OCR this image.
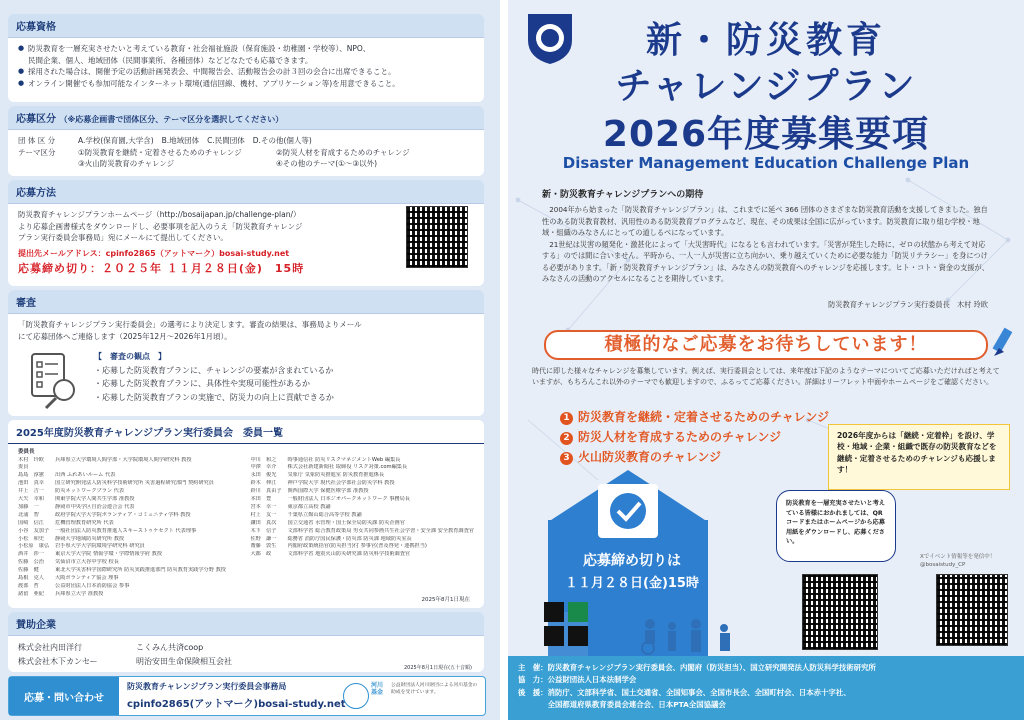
応募資格
● 防災教育を一層充実させたいと考えている教育・社会福祉施設（保育施設・幼稚園・学校等）、NPO、
民間企業、個人、地域団体（民間事業所、各種団体）などどなたでも応募できます。
● 採用された場合は、開催予定の活動計画発表会、中間報告会、活動報告会の計３回の会合に出席できること。
● オンライン開催でも参加可能なインターネット環境(通信回線、機材、アプリケーション等)を用意できること。
応募区分 （※応募企画書で団体区分、テーマ区分を選択してください）
団 体 区 分	A.学校(保育園,大学含) B.地域団体 C.民間団体 D.その他(個人等)
テーマ区分	①防災教育を継続・定着させるためのチャレンジ	②防災人材を育成するためのチャレンジ
③火山防災教育のチャレンジ	④その他のテーマ(①～③以外)
応募方法
防災教育チャレンジプランホームページ（http://bosaijapan.jp/challenge-plan/）
より応募企画書様式をダウンロードし、必要事項を記入のうえ「防災教育チャレンジ
プラン実行委員会事務局」宛にメールにて提出してください。
提出先メールアドレス：cpinfo2865（アットマーク）bosai-study.net
応募締め切り：２０２５年 １１月２８日(金)　15時
審査
「防災教育チャレンジプラン実行委員会」の選考により決定します。審査の結果は、事務局よりメール
にて応募団体へご連絡します（2025年12月～2026年1月頃）。
【　審査の観点　】
・応募した防災教育プランに、チャレンジの要素が含まれているか
・応募した防災教育プランに、具体性や実現可能性があるか
・応募した防災教育プランの実施で、防災力の向上に貢献できるか
2025年度防災教育チャレンジプラン実行委員会　委員一覧
委員長
木村　玲欧	兵庫県立大学環境人間学部・大学院環境人間学研究科 教授
委員
島島　淳憲	出西 ふれあいルーム 代表
池田　真幸	国立研究開発法人防災科学技術研究所 災害過程研究部門 契約研究員
井上　吉一	防災ネットワークプラン 代表
大矢　幸和	関東学院大学人間共生学部 准教授
加藤　一	静岡市中央学区自治会連合会 代表
北浦　智	政府学院大学大学院ボランティア・コミュニティ学科 教授
国崎　信江	危機管理教育研究所 代表
小谷　友加子	一般社団法人防災教育推進人スキーストゥケセクト 代表理事
小松　和史	静岡大学地域防災研究所 教授
小松原　康弘	岩手県大学大学院環境学研究科 研究員
酒井　渉一	東京大学大学院 情報学環・学際情報学府 教授
佐藤　公治	気仙沼市立大谷中学校 校長
佐藤　健	東北大学災害科学国際研究所 防災実践推進部門 防災教育実践学分野 教授
島根　克人	大阪ボランティア協会 理事
渡部　哲	公益財団法人日本消防協会 参事
諸留　亜紀	兵庫県立大学 准教授
中川　和之	時事通信社 防災リスクマネジメントWeb 編集長
中澤　幸介	株式会社新建新聞社 取締役 リスク対策.com編集長
永田　俊光	気象庁 気象防災推進室 防災教育推進係長
鈴木　伸江	神戸学院大学 現代社会学部社会防災学科 教授
鈴川　真由子	関西国際大学 保健医療学部 准教授
本田　豊	一般財団法人 日本ジオパークネットワーク 事務局長
宮本　幸一	東京都立高校 教諭
村上　友一	千葉県立館山総合高等学校 教諭
鎌田　真次	国立交通省 水管理・国土保全局防災課 防災企画官
木下　信子	文部科学省 総合教育政策局 男女共同参画共生社会学習・安全課 安全教育調査官
佐野　謙一	総務省 消防庁国民保護・防災部 防災課 地域防災室長
齋藤　敦生	内閣府政策統括官(防災担当)付 参事官(普及啓発・連携担当)
大都　政	文部科学省 地震火山防災研究課 防災科学技術調査官
2025年8月1日現在
賛助企業
株式会社内田洋行	こくみん共済coop
株式会社木下カンセー	明治安田生命保険相互会社
2025年8月1日現在(五十音順)
応募・問い合わせ
防災教育チャレンジプラン実行委員会事務局
cpinfo2865(アットマーク)bosai-study.net
河川基金
公益財団法人河川財団による河川基金の助成を受けています。
新・防災教育
チャレンジプラン
2026年度募集要項
Disaster Management Education Challenge Plan
新・防災教育チャレンジプランへの期待
　2004年から始まった「防災教育チャレンジプラン」は、これまでに延べ 366 団体のさまざまな防災教育活動を支援してきました。独自性のある防災教育教材、汎用性のある防災教育プログラムなど、現在、その成果は全国に広がっています。防災教育に取り組む学校・地域・組織のみなさんにとっての道しるべになっています。
　21世紀は災害の頻発化・激甚化によって「大災害時代」になるとも言われています。「災害が発生した時に、ゼロの状態から考えて対応する」のでは間に合いません。平時から、一人一人が災害に立ち向かい、乗り越えていくために必要な能力「防災リテラシー」を身につける必要があります。「新・防災教育チャレンジプラン」は、みなさんの防災教育へのチャレンジを応援します。ヒト・コト・資金の支援が、みなさんの活動のアクセルになることを期待しています。
防災教育チャレンジプラン実行委員長　木村 玲欧
積極的なご応募をお待ちしています！
時代に即した様々なチャレンジを募集しています。例えば、実行委員会としては、来年度は下記のようなテーマについてご応募いただければと考えていますが、もちろんこれ以外のテーマでも歓迎しますので、ふるってご応募ください。詳細はリーフレット中面やホームページをご確認ください。
1 防災教育を継続・定着させるためのチャレンジ
2 防災人材を育成するためのチャレンジ
3 火山防災教育のチャレンジ
2026年度からは「継続・定着枠」を設け、学校・地域・企業・組織で既存の防災教育などを継続・定着させるためのチャレンジも応援します！
応募締め切りは
１１月２８日(金)15時
防災教育を一層充実させたいと考えている皆様におかれましては、QRコードまたはホームページから応募用紙をダウンロードし、応募ください。
Xでイベント情報等を発信中！@bosaistudy_CP
主　催：防災教育チャレンジプラン実行委員会、内閣府（防災担当）、国立研究開発法人防災科学技術研究所
協　力：公益財団法人日本法制学会
後　援：消防庁、文部科学省、国土交通省、全国知事会、全国市長会、全国町村会、日本赤十字社、
　　　　全国都道府県教育委員会連合会、日本PTA全国協議会
